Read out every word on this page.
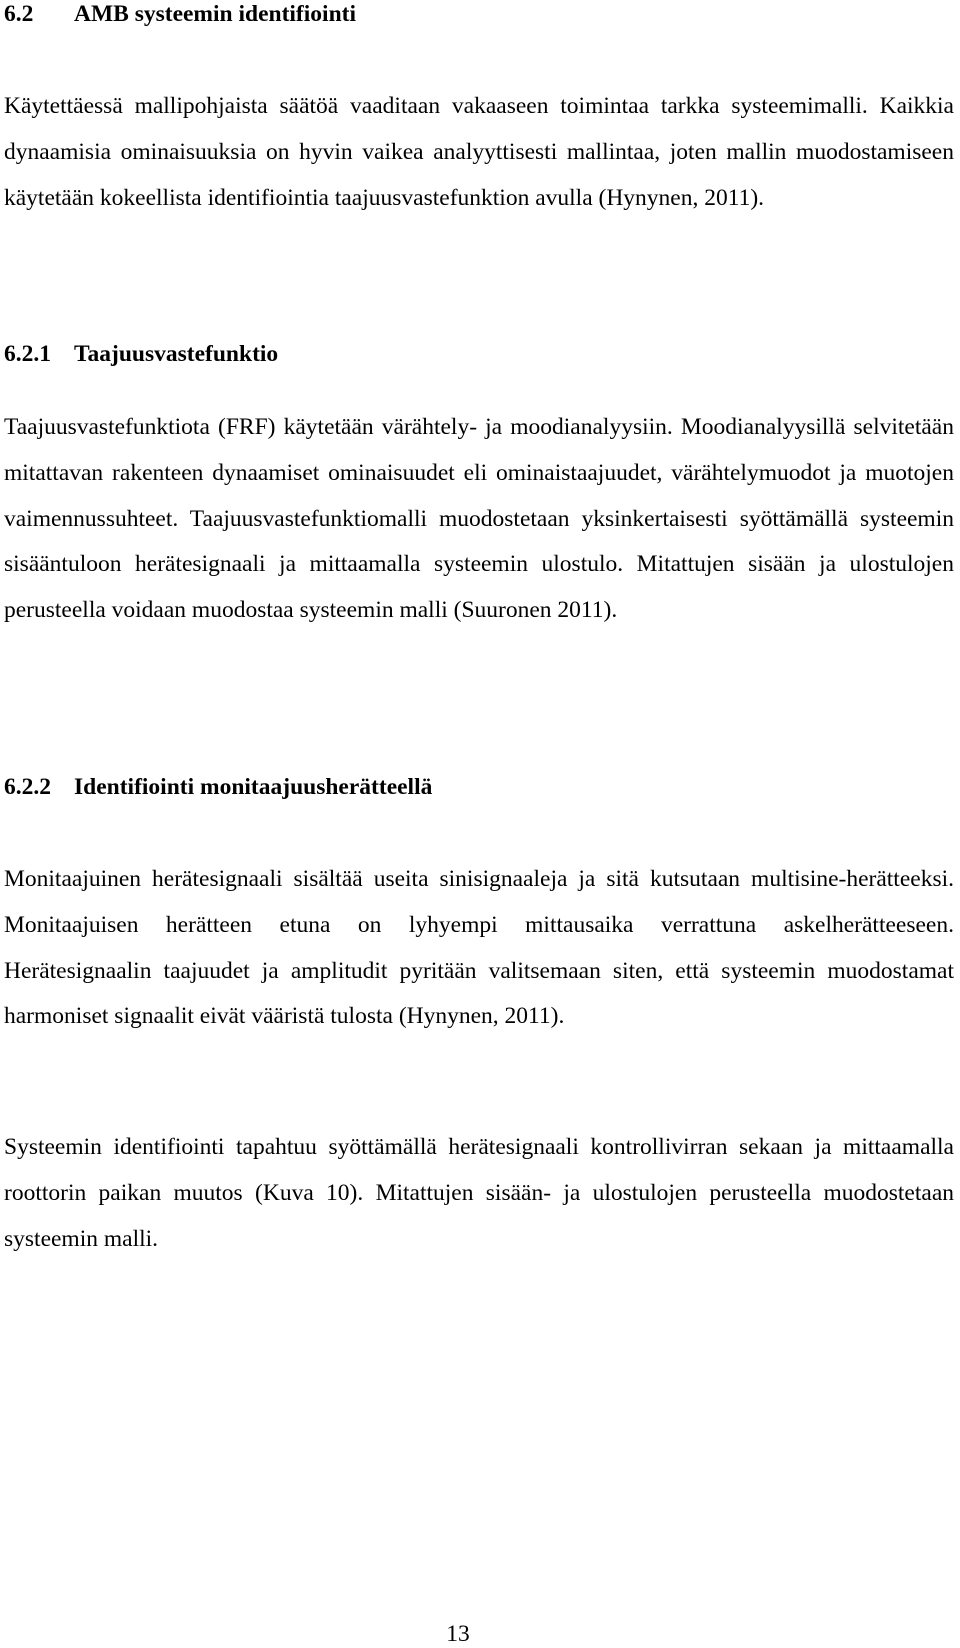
6.2 AMB systeemin identifiointi

Käytettäessä mallipohjaista säätöä vaaditaan vakaaseen toimintaa tarkka systeemimalli. Kaikkia dynaamisia ominaisuuksia on hyvin vaikea analyyttisesti mallintaa, joten mallin muodostamiseen käytetään kokeellista identifiointia taajuusvastefunktion avulla (Hynynen, 2011).

6.2.1 Taajuusvastefunktio

Taajuusvastefunktiota (FRF) käytetään värähtely- ja moodianalyysiin. Moodianalyysillä selvitetään mitattavan rakenteen dynaamiset ominaisuudet eli ominaistaajuudet, värähtelymuodot ja muotojen vaimennussuhteet. Taajuusvastefunktiomalli muodostetaan yksinkertaisesti syöttämällä systeemin sisääntuloon herätesignaali ja mittaamalla systeemin ulostulo. Mitattujen sisään ja ulostulojen perusteella voidaan muodostaa systeemin malli (Suuronen 2011).

6.2.2 Identifiointi monitaajuusherätteellä

Monitaajuinen herätesignaali sisältää useita sinisignaaleja ja sitä kutsutaan multisine-herätteeksi. Monitaajuisen herätteen etuna on lyhyempi mittausaika verrattuna askelherätteeseen. Herätesignaalin taajuudet ja amplitudit pyritään valitsemaan siten, että systeemin muodostamat harmoniset signaalit eivät vääristä tulosta (Hynynen, 2011).

Systeemin identifiointi tapahtuu syöttämällä herätesignaali kontrollivirran sekaan ja mittaamalla roottorin paikan muutos (Kuva 10). Mitattujen sisään- ja ulostulojen perusteella muodostetaan systeemin malli.

13
